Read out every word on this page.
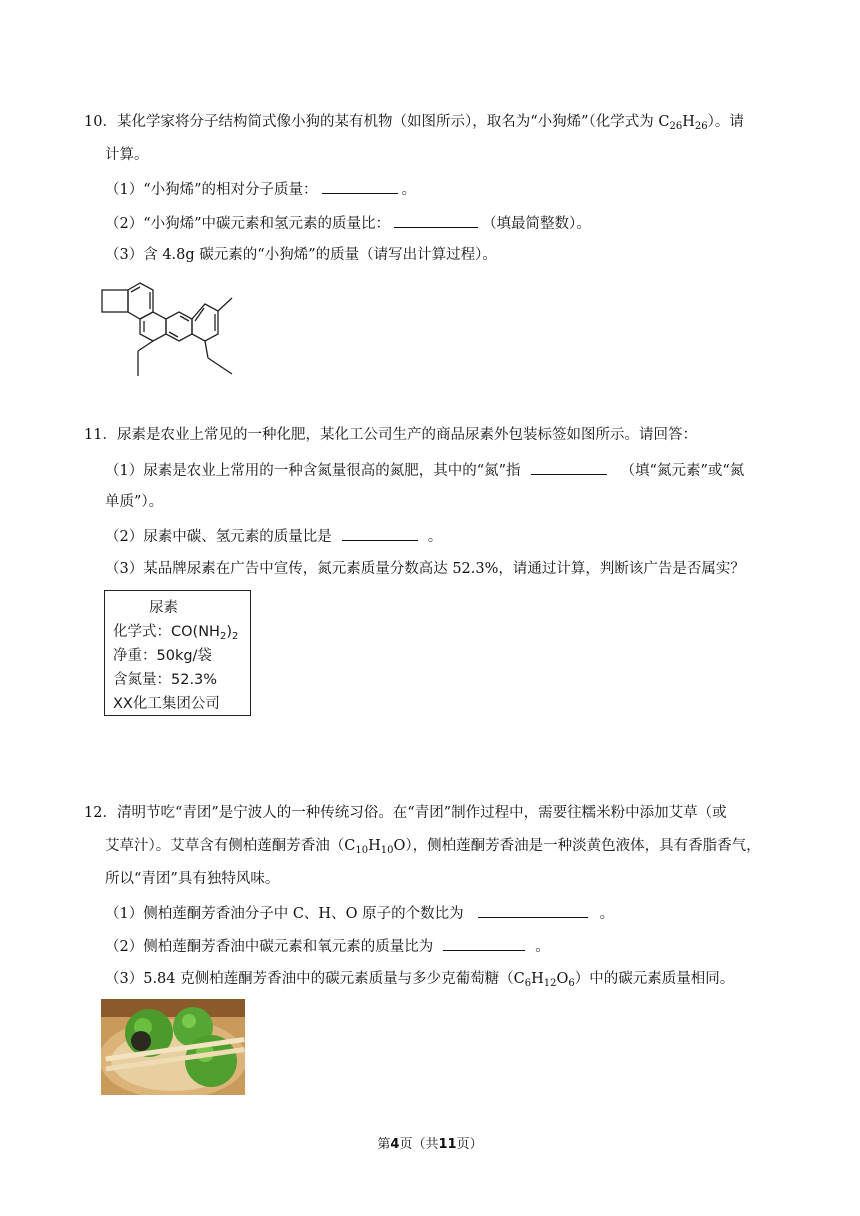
10．某化学家将分子结构简式像小狗的某有机物（如图所示），取名为“小狗烯”（化学式为 $C_{26}H_{26}$）。请
计算。
（1）“小狗烯”的相对分子质量：	。
（2）“小狗烯”中碳元素和氢元素的质量比：	（填最简整数）。
（3）含 4.8g 碳元素的“小狗烯”的质量（请写出计算过程）。
11．尿素是农业上常见的一种化肥，某化工公司生产的商品尿素外包装标签如图所示。请回答：
（1）尿素是农业上常用的一种含氮量很高的氮肥，其中的“氮”指	（填“氮元素”或“氮
单质”）。
（2）尿素中碳、氢元素的质量比是	。
（3）某品牌尿素在广告中宣传，氮元素质量分数高达 52.3%，请通过计算，判断该广告是否属实？
尿素
化学式：$CO(NH_2)_2$
净重：50kg/袋
含氮量：52.3%
XX化工集团公司
12．清明节吃“青团”是宁波人的一种传统习俗。在“青团”制作过程中，需要往糯米粉中添加艾草（或
艾草汁）。艾草含有侧柏莲酮芳香油$(C_{10}H_{10}O)$，侧柏莲酮芳香油是一种淡黄色液体，具有香脂香气，
所以“青团”具有独特风味。
（1）侧柏莲酮芳香油分子中 C、H、O 原子的个数比为	。
（2）侧柏莲酮芳香油中碳元素和氧元素的质量比为	。
（3）5.84 克侧柏莲酮芳香油中的碳元素质量与多少克葡萄糖$(C_6H_{12}O_6)$中的碳元素质量相同。
第4页（共11页）
